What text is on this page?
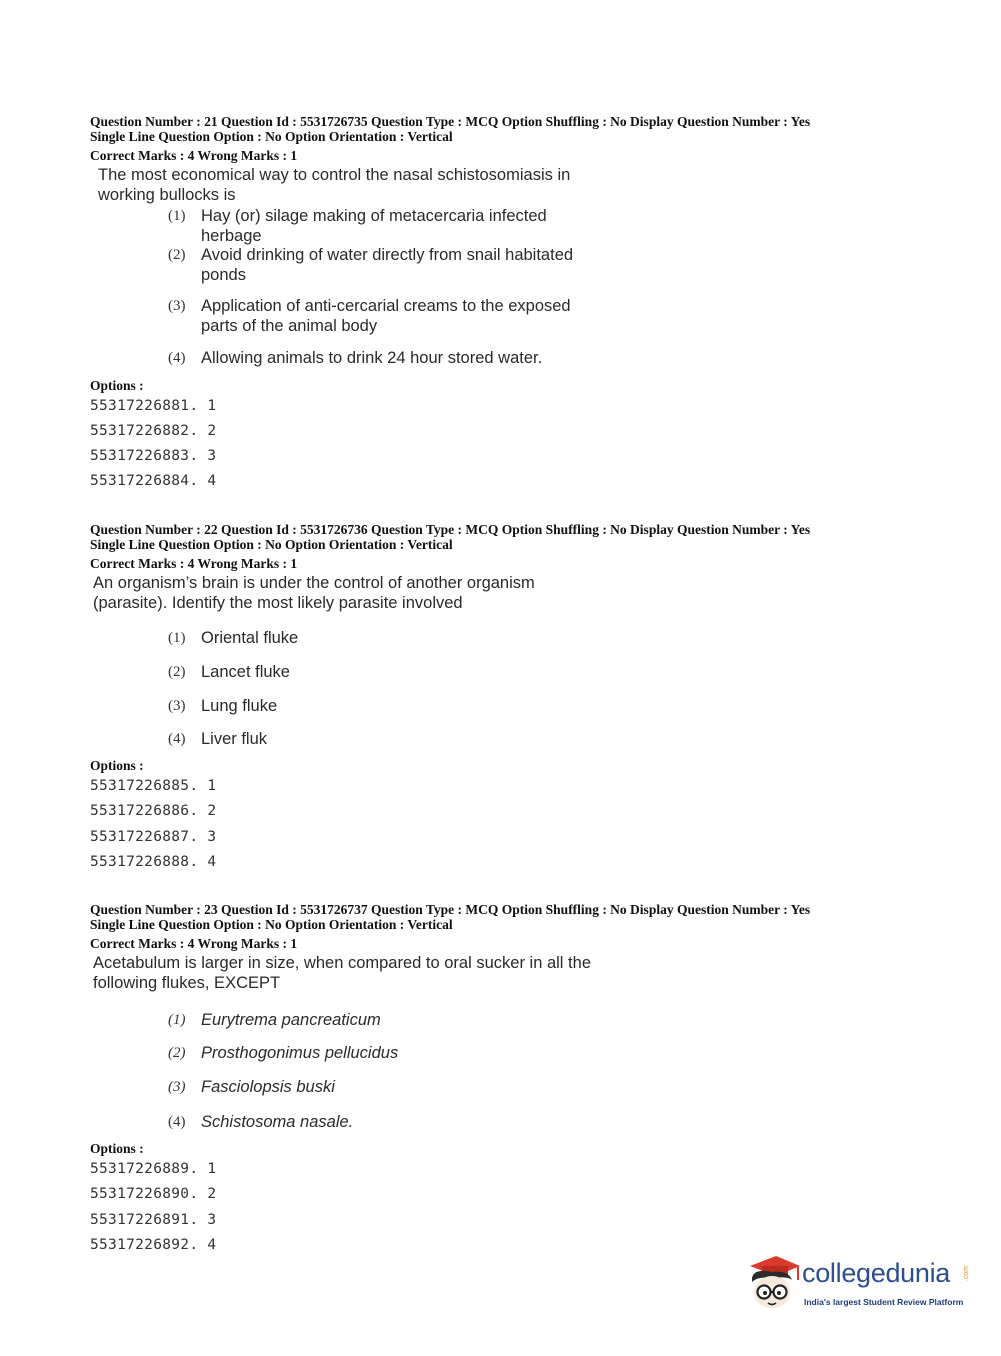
Question Number : 21 Question Id : 5531726735 Question Type : MCQ Option Shuffling : No Display Question Number : Yes
Single Line Question Option : No Option Orientation : Vertical
Correct Marks : 4 Wrong Marks : 1
The most economical way to control the nasal schistosomiasis in
working bullocks is
(1) Hay (or) silage making of metacercaria infected
herbage
(2) Avoid drinking of water directly from snail habitated
ponds
(3) Application of anti-cercarial creams to the exposed
parts of the animal body
(4) Allowing animals to drink 24 hour stored water.
Options :
55317226881. 1
55317226882. 2
55317226883. 3
55317226884. 4
Question Number : 22 Question Id : 5531726736 Question Type : MCQ Option Shuffling : No Display Question Number : Yes
Single Line Question Option : No Option Orientation : Vertical
Correct Marks : 4 Wrong Marks : 1
An organism’s brain is under the control of another organism
(parasite). Identify the most likely parasite involved
(1) Oriental fluke
(2) Lancet fluke
(3) Lung fluke
(4) Liver fluk
Options :
55317226885. 1
55317226886. 2
55317226887. 3
55317226888. 4
Question Number : 23 Question Id : 5531726737 Question Type : MCQ Option Shuffling : No Display Question Number : Yes
Single Line Question Option : No Option Orientation : Vertical
Correct Marks : 4 Wrong Marks : 1
Acetabulum is larger in size, when compared to oral sucker in all the
following flukes, EXCEPT
(1) Eurytrema pancreaticum
(2) Prosthogonimus pellucidus
(3) Fasciolopsis buski
(4) Schistosoma nasale.
Options :
55317226889. 1
55317226890. 2
55317226891. 3
55317226892. 4
collegedunia .com
India's largest Student Review Platform
